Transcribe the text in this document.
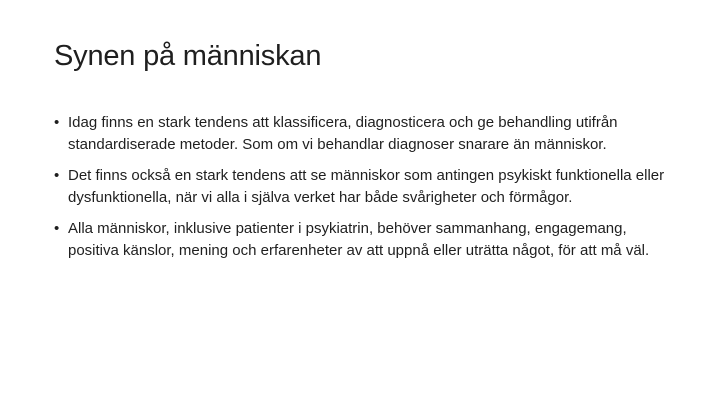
Synen på människan
• Idag finns en stark tendens att klassificera, diagnosticera och ge behandling utifrån standardiserade metoder. Som om vi behandlar diagnoser snarare än människor.
• Det finns också en stark tendens att se människor som antingen psykiskt funktionella eller dysfunktionella, när vi alla i själva verket har både svårigheter och förmågor.
• Alla människor, inklusive patienter i psykiatrin, behöver sammanhang, engagemang, positiva känslor, mening och erfarenheter av att uppnå eller uträtta något, för att må väl.
